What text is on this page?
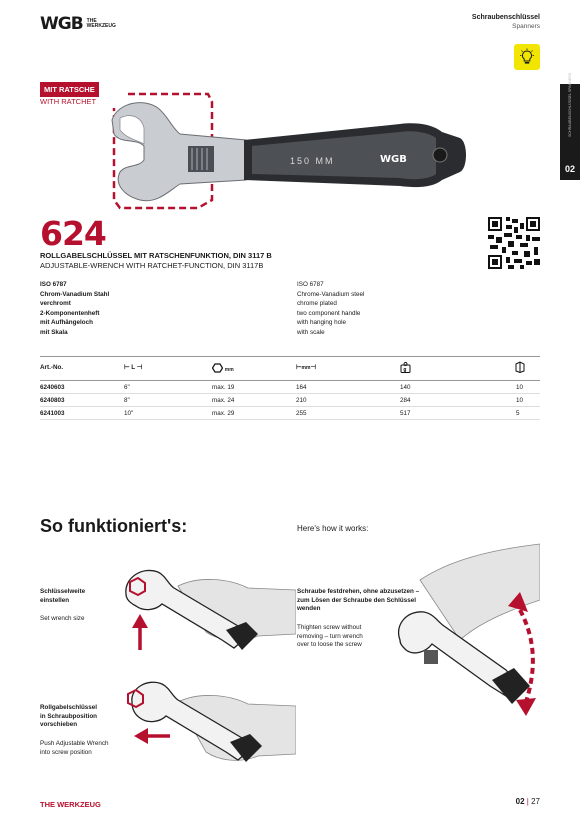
WGB THE
WERKZEUG
Schraubenschlüssel
Spanners
SCHRAUBENSCHLÜSSEL SPANNERS
02
MIT RATSCHE
WITH RATCHET
150 MM	WGB
624
ROLLGABELSCHLÜSSEL MIT RATSCHENFUNKTION, DIN 3117 B
ADJUSTABLE-WRENCH WITH RATCHET-FUNCTION, DIN 3117B
ISO 6787
Chrom-Vanadium Stahl
verchromt
2-Komponentenheft
mit Aufhängeloch
mit Skala
ISO 6787
Chrome-Vanadium steel
chrome plated
two component handle
with hanging hole
with scale
Art.-No.	⊢ L ⊣	$^{mm}$	⊢mm⊣	g
6240603	6"	max. 19	164	140	10
6240803	8"	max. 24	210	284	10
6241003	10"	max. 29	255	517	5
So funktioniert's:	Here's how it works:
Schlüsselweite
einstellen
Set wrench size
Rollgabelschlüssel
in Schraubposition
vorschieben
Push Adjustable Wrench
into screw position
Schraube festdrehen, ohne abzusetzen –
zum Lösen der Schraube den Schlüssel
wenden
Thighten screw without
removing – turn wrench
over to loose the screw
THE WERKZEUG	02 | 27
